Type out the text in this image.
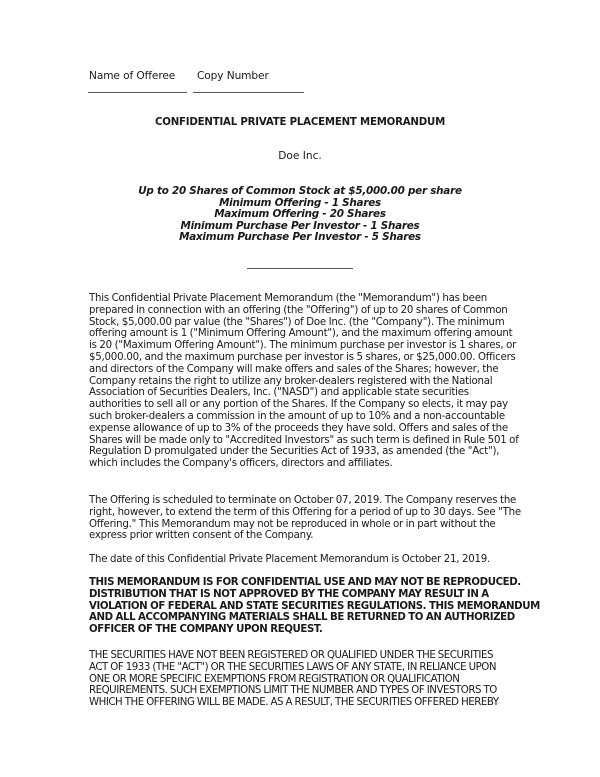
Name of Offeree	Copy Number
CONFIDENTIAL PRIVATE PLACEMENT MEMORANDUM
Doe Inc.
Up to 20 Shares of Common Stock at $5,000.00 per share
Minimum Offering - 1 Shares
Maximum Offering - 20 Shares
Minimum Purchase Per Investor - 1 Shares
Maximum Purchase Per Investor - 5 Shares
This Confidential Private Placement Memorandum (the "Memorandum") has been
prepared in connection with an offering (the "Offering") of up to 20 shares of Common
Stock, $5,000.00 par value (the "Shares") of Doe Inc. (the "Company"). The minimum
offering amount is 1 ("Minimum Offering Amount"), and the maximum offering amount
is 20 ("Maximum Offering Amount"). The minimum purchase per investor is 1 shares, or
$5,000.00, and the maximum purchase per investor is 5 shares, or $25,000.00. Officers
and directors of the Company will make offers and sales of the Shares; however, the
Company retains the right to utilize any broker-dealers registered with the National
Association of Securities Dealers, Inc. ("NASD") and applicable state securities
authorities to sell all or any portion of the Shares. If the Company so elects, it may pay
such broker-dealers a commission in the amount of up to 10% and a non-accountable
expense allowance of up to 3% of the proceeds they have sold. Offers and sales of the
Shares will be made only to "Accredited Investors" as such term is defined in Rule 501 of
Regulation D promulgated under the Securities Act of 1933, as amended (the "Act"),
which includes the Company's officers, directors and affiliates.
The Offering is scheduled to terminate on October 07, 2019. The Company reserves the
right, however, to extend the term of this Offering for a period of up to 30 days. See "The
Offering." This Memorandum may not be reproduced in whole or in part without the
express prior written consent of the Company.
The date of this Confidential Private Placement Memorandum is October 21, 2019.
THIS MEMORANDUM IS FOR CONFIDENTIAL USE AND MAY NOT BE REPRODUCED.
DISTRIBUTION THAT IS NOT APPROVED BY THE COMPANY MAY RESULT IN A
VIOLATION OF FEDERAL AND STATE SECURITIES REGULATIONS. THIS MEMORANDUM
AND ALL ACCOMPANYING MATERIALS SHALL BE RETURNED TO AN AUTHORIZED
OFFICER OF THE COMPANY UPON REQUEST.
THE SECURITIES HAVE NOT BEEN REGISTERED OR QUALIFIED UNDER THE SECURITIES
ACT OF 1933 (THE "ACT") OR THE SECURITIES LAWS OF ANY STATE, IN RELIANCE UPON
ONE OR MORE SPECIFIC EXEMPTIONS FROM REGISTRATION OR QUALIFICATION
REQUIREMENTS. SUCH EXEMPTIONS LIMIT THE NUMBER AND TYPES OF INVESTORS TO
WHICH THE OFFERING WILL BE MADE. AS A RESULT, THE SECURITIES OFFERED HEREBY
